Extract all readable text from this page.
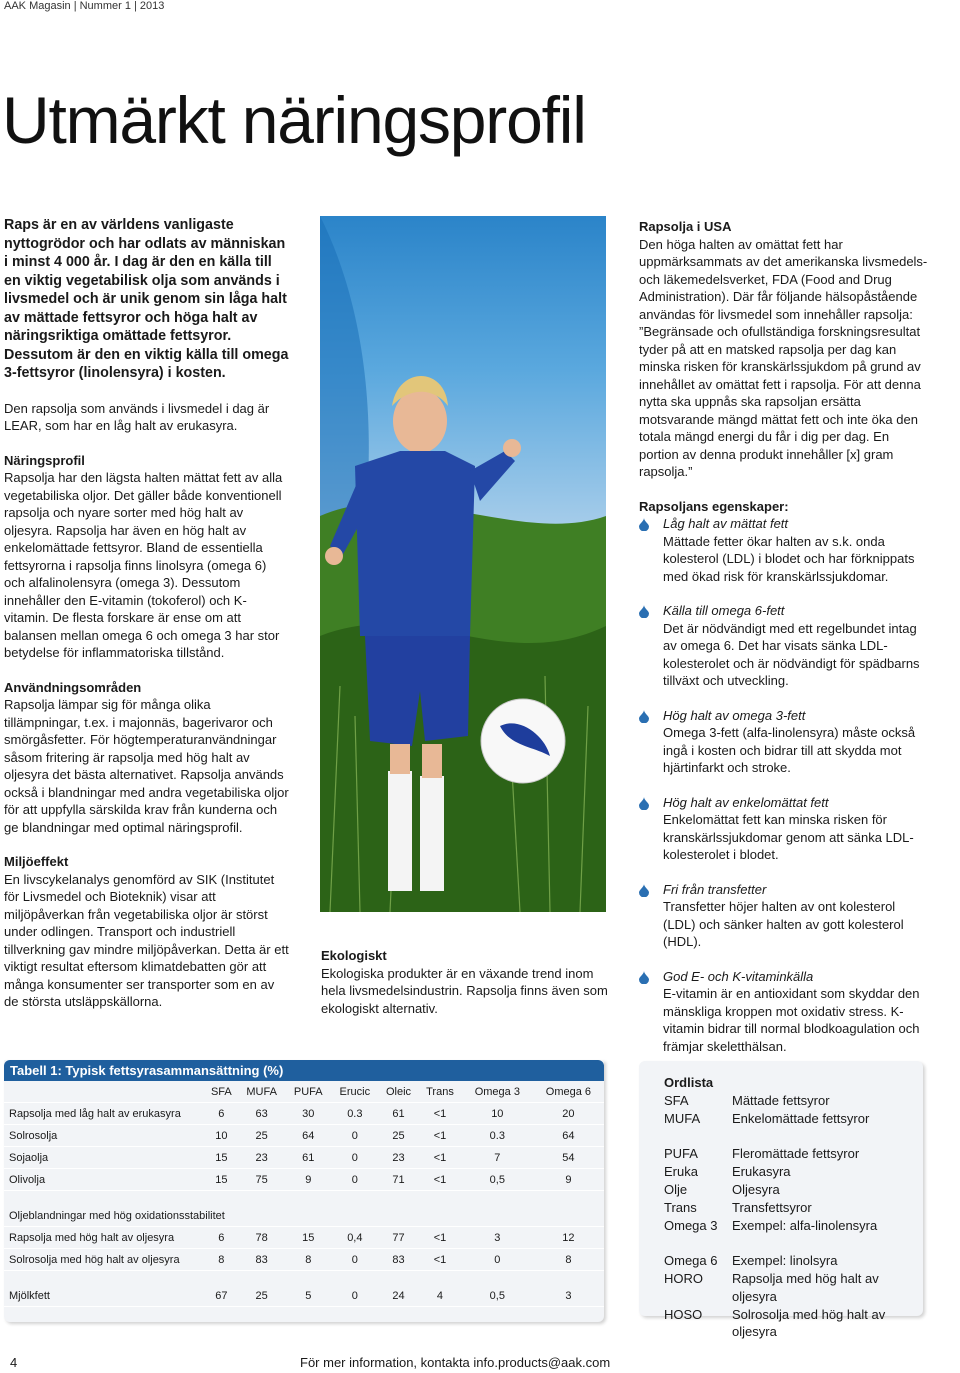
AAK Magasin | Nummer 1 | 2013
Utmärkt näringsprofil

Raps är en av världens vanligaste nyttogrödor och har odlats av människan i minst 4 000 år. I dag är den en källa till en viktig vegetabilisk olja som används i livsmedel och är unik genom sin låga halt av mättade fettsyror och höga halt av näringsriktiga omättade fettsyror. Dessutom är den en viktig källa till omega 3-fettsyror (linolensyra) i kosten.

Den rapsolja som används i livsmedel i dag är LEAR, som har en låg halt av erukasyra.

Näringsprofil
Rapsolja har den lägsta halten mättat fett av alla vegetabiliska oljor. Det gäller både konventionell rapsolja och nyare sorter med hög halt av oljesyra. Rapsolja har även en hög halt av enkelomättade fettsyror. Bland de essentiella fettsyrorna i rapsolja finns linolsyra (omega 6) och alfalinolensyra (omega 3). Dessutom innehåller den E-vitamin (tokoferol) och K-vitamin. De flesta forskare är ense om att balansen mellan omega 6 och omega 3 har stor betydelse för inflammatoriska tillstånd.
Användningsområden
Rapsolja lämpar sig för många olika tillämpningar, t.ex. i majonnäs, bagerivaror och smörgåsfetter. För högtemperaturanvändningar såsom fritering är rapsolja med hög halt av oljesyra det bästa alternativet. Rapsolja används också i blandningar med andra vegetabiliska oljor för att uppfylla särskilda krav från kunderna och ge blandningar med optimal näringsprofil.
Miljöeffekt
En livscykelanalys genomförd av SIK (Institutet för Livsmedel och Bioteknik) visar att miljöpåverkan från vegetabiliska oljor är störst under odlingen. Transport och industriell tillverkning gav mindre miljöpåverkan. Detta är ett viktigt resultat eftersom klimatdebatten gör att många konsumenter ser transporter som en av de största utsläppskällorna.
Ekologiskt
Ekologiska produkter är en växande trend inom hela livsmedelsindustrin. Rapsolja finns även som ekologiskt alternativ.

Rapsolja i USA

Den höga halten av omättat fett har uppmärksammats av det amerikanska livsmedels- och läkemedelsverket, FDA (Food and Drug Administration). Där får följande hälsopåstående användas för livsmedel som innehåller rapsolja:

”Begränsade och ofullständiga forskningsresultat tyder på att en matsked rapsolja per dag kan minska risken för kranskärlssjukdom på grund av innehållet av omättat fett i rapsolja. För att denna nytta ska uppnås ska rapsoljan ersätta motsvarande mängd mättat fett och inte öka den totala mängd energi du får i dig per dag. En portion av denna produkt innehåller [x] gram rapsolja.”

Rapsoljans egenskaper:

Låg halt av mättat fett
Mättade fetter ökar halten av s.k. onda kolesterol (LDL) i blodet och har förknippats med ökad risk för kranskärlssjukdomar.
Källa till omega 6-fett
Det är nödvändigt med ett regelbundet intag av omega 6. Det har visats sänka LDL-kolesterolet och är nödvändigt för spädbarns tillväxt och utveckling.
Hög halt av omega 3-fett
Omega 3-fett (alfa-linolensyra) måste också ingå i kosten och bidrar till att skydda mot hjärtinfarkt och stroke.
Hög halt av enkelomättat fett
Enkelomättat fett kan minska risken för kranskärlssjukdomar genom att sänka LDL-kolesterolet i blodet.
Fri från transfetter
Transfetter höjer halten av ont kolesterol (LDL) och sänker halten av gott kolesterol (HDL).
God E- och K-vitaminkälla
E-vitamin är en antioxidant som skyddar den mänskliga kroppen mot oxidativ stress. K-vitamin bidrar till normal blodkoagulation och främjar skeletthälsan.
Tabell 1: Typisk fettsyrasammansättning (%)
	SFA	MUFA	PUFA	Erucic	Oleic	Trans	Omega 3	Omega 6
Rapsolja med låg halt av erukasyra	6	63	30	0.3	61	<1	10	20
Solrosolja	10	25	64	0	25	<1	0.3	64
Sojaolja	15	23	61	0	23	<1	7	54
Olivolja	15	75	9	0	71	<1	0,5	9

Oljeblandningar med hög oxidationsstabilitet								
Rapsolja med hög halt av oljesyra	6	78	15	0,4	77	<1	3	12
Solrosolja med hög halt av oljesyra	8	83	8	0	83	<1	0	8

Mjölkfett	67	25	5	0	24	4	0,5	3
Ordlista
SFA	Mättade fettsyror
MUFA Enkelomättade fettsyror
PUFA	Fleromättade fettsyror
Eruka	Erukasyra
Olje	Oljesyra
Trans	Transfettsyror
Omega 3 Exempel: alfa-linolensyra
Omega 6 Exempel: linolsyra
HORO Rapsolja med hög halt av oljesyra
HOSO Solrosolja med hög halt av oljesyra
4	För mer information, kontakta info.products@aak.com
